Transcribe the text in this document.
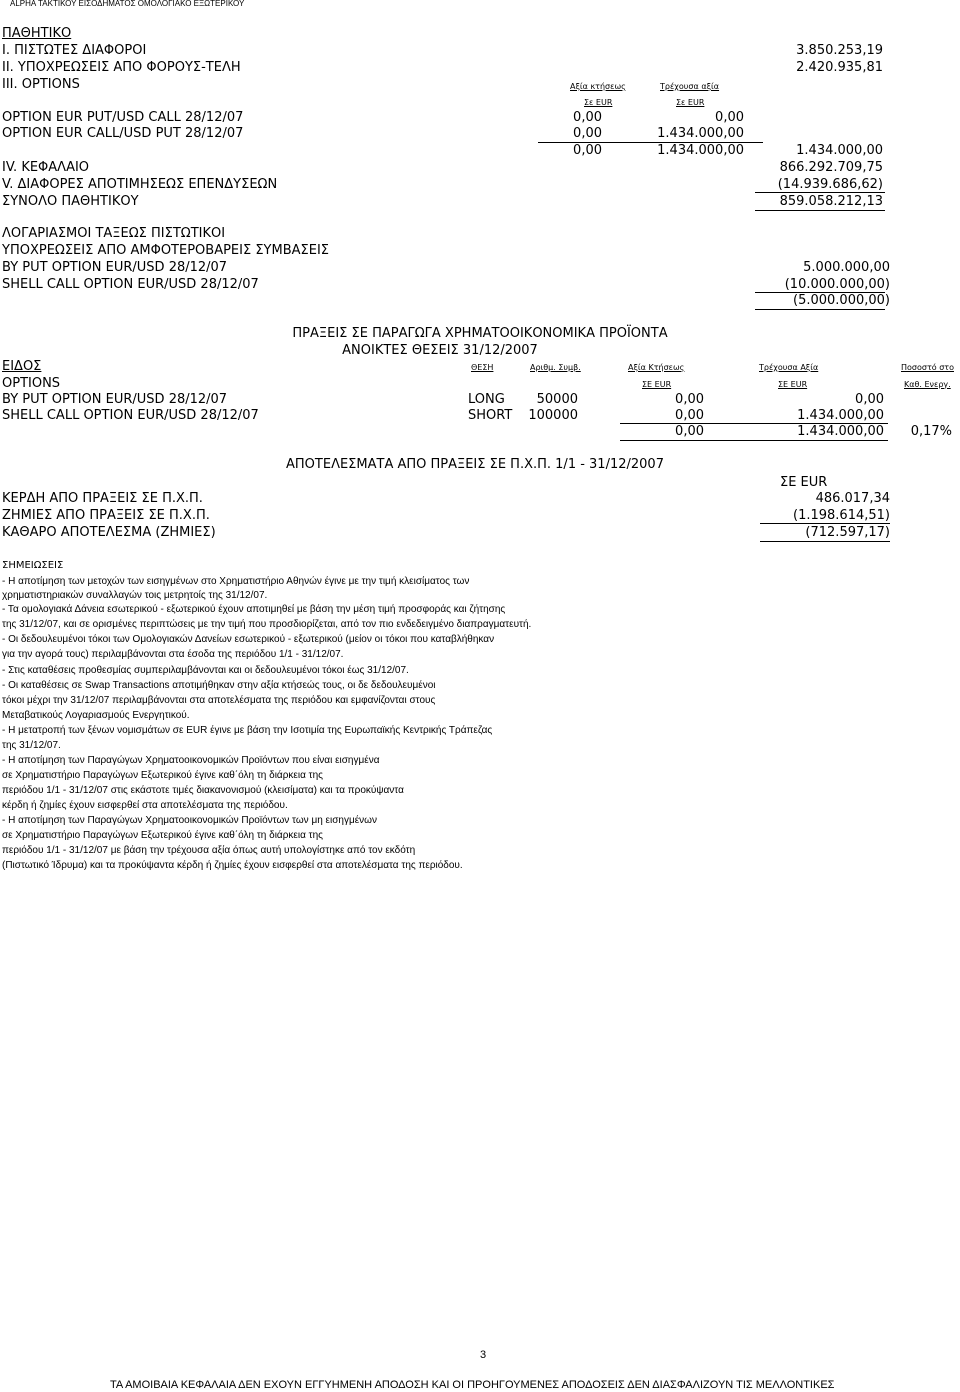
ALPHA ΤΑΚΤΙΚΟΥ ΕΙΣΟΔΗΜΑΤΟΣ ΟΜΟΛΟΓΙΑΚΟ ΕΞΩΤΕΡΙΚΟΥ
ΠΑΘΗΤΙΚΟ
I. ΠΙΣΤΩΤΕΣ ΔΙΑΦΟΡΟΙ	3.850.253,19
II. ΥΠΟΧΡΕΩΣΕΙΣ ΑΠΟ ΦΟΡΟΥΣ-ΤΕΛΗ	2.420.935,81
III. OPTIONS	Αξία κτήσεως	Τρέχουσα αξία
Σε EUR	Σε EUR
OPTION EUR PUT/USD CALL 28/12/07	0,00	0,00
OPTION EUR CALL/USD PUT 28/12/07	0,00	1.434.000,00
0,00	1.434.000,00	1.434.000,00
IV. ΚΕΦΑΛΑΙΟ	866.292.709,75
V. ΔΙΑΦΟΡΕΣ ΑΠΟΤΙΜΗΣΕΩΣ ΕΠΕΝΔΥΣΕΩΝ	(14.939.686,62)
ΣΥΝΟΛΟ ΠΑΘΗΤΙΚΟΥ	859.058.212,13
ΛΟΓΑΡΙΑΣΜΟΙ ΤΑΞΕΩΣ ΠΙΣΤΩΤΙΚΟΙ
ΥΠΟΧΡΕΩΣΕΙΣ ΑΠΟ ΑΜΦΟΤΕΡΟΒΑΡΕΙΣ ΣΥΜΒΑΣΕΙΣ
BY PUT OPTION EUR/USD 28/12/07	5.000.000,00
SHELL CALL OPTION EUR/USD 28/12/07	(10.000.000,00)
(5.000.000,00)
ΠΡΑΞΕΙΣ ΣΕ ΠΑΡΑΓΩΓΑ ΧΡΗΜΑΤΟΟΙΚΟΝΟΜΙΚΑ ΠΡΟΪΟΝΤΑ
ΑΝΟΙΚΤΕΣ ΘΕΣΕΙΣ 31/12/2007
ΕΙΔΟΣ	ΘΕΣΗ	Αριθμ. Συμβ.	Αξία Κτήσεως	Τρέχουσα Αξία	Ποσοστό στο
OPTIONS	ΣΕ EUR	ΣΕ EUR	Καθ. Ενεργ.
BY PUT OPTION EUR/USD 28/12/07	LONG 50000	0,00	0,00
SHELL CALL OPTION EUR/USD 28/12/07	SHORT 100000	0,00	1.434.000,00
0,00	1.434.000,00 0,17%
ΑΠΟΤΕΛΕΣΜΑΤΑ ΑΠΟ ΠΡΑΞΕΙΣ ΣΕ Π.Χ.Π. 1/1 - 31/12/2007
ΣΕ EUR
ΚΕΡΔΗ ΑΠΟ ΠΡΑΞΕΙΣ ΣΕ Π.Χ.Π.	486.017,34
ΖΗΜΙΕΣ ΑΠΟ ΠΡΑΞΕΙΣ ΣΕ Π.Χ.Π.	(1.198.614,51)
ΚΑΘΑΡΟ ΑΠΟΤΕΛΕΣΜΑ (ΖΗΜΙΕΣ)	(712.597,17)
ΣΗΜΕΙΩΣΕΙΣ
- Η αποτίμηση των μετοχών των εισηγμένων στο Χρηματιστήριο Αθηνών έγινε με την τιμή κλεισίματος των
χρηματιστηριακών συναλλαγών τοις μετρητοίς της 31/12/07.
- Τα ομολογιακά Δάνεια εσωτερικού - εξωτερικού έχουν αποτιμηθεί με βάση την μέση τιμή προσφοράς και ζήτησης
της 31/12/07, και σε ορισμένες περιπτώσεις με την τιμή που προσδιορίζεται, από τον πιο ενδεδειγμένο διαπραγματευτή.
- Οι δεδουλευμένοι τόκοι των Ομολογιακών Δανείων εσωτερικού - εξωτερικού (μείον οι τόκοι που καταβλήθηκαν
για την αγορά τους) περιλαμβάνονται στα έσοδα της περιόδου 1/1 - 31/12/07.
- Στις καταθέσεις προθεσμίας συμπεριλαμβάνονται και οι δεδουλευμένοι τόκοι έως 31/12/07.
- Οι καταθέσεις σε Swap Transactions αποτιμήθηκαν στην αξία κτήσεώς τους, οι δε δεδουλευμένοι
τόκοι μέχρι την 31/12/07 περιλαμβάνονται στα αποτελέσματα της περιόδου και εμφανίζονται στους
Μεταβατικούς Λογαριασμούς Ενεργητικού.
- Η μετατροπή των ξένων νομισμάτων σε EUR έγινε με βάση την Ισοτιμία της Ευρωπαϊκής Κεντρικής Τράπεζας
της 31/12/07.
- Η αποτίμηση των Παραγώγων Χρηματοοικονομικών Προϊόντων που είναι εισηγμένα
σε Χρηματιστήριο Παραγώγων Εξωτερικού έγινε καθ΄όλη τη διάρκεια της
περιόδου 1/1 - 31/12/07 στις εκάστοτε τιμές διακανονισμού (κλεισίματα) και τα προκύψαντα
κέρδη ή ζημίες έχουν εισφερθεί στα αποτελέσματα της περιόδου.
- Η αποτίμηση των Παραγώγων Χρηματοοικονομικών Προϊόντων των μη εισηγμένων
σε Χρηματιστήριο Παραγώγων Εξωτερικού έγινε καθ΄όλη τη διάρκεια της
περιόδου 1/1 - 31/12/07 με βάση την τρέχουσα αξία όπως αυτή υπολογίστηκε από τον εκδότη
(Πιστωτικό Ίδρυμα) και τα προκύψαντα κέρδη ή ζημίες έχουν εισφερθεί στα αποτελέσματα της περιόδου.
3
ΤΑ ΑΜΟΙΒΑΙΑ ΚΕΦΑΛΑΙΑ ΔΕΝ ΕΧΟΥΝ ΕΓΓΥΗΜΕΝΗ ΑΠΟΔΟΣΗ ΚΑΙ ΟΙ ΠΡΟΗΓΟΥΜΕΝΕΣ ΑΠΟΔΟΣΕΙΣ ΔΕΝ ΔΙΑΣΦΑΛΙΖΟΥΝ ΤΙΣ ΜΕΛΛΟΝΤΙΚΕΣ
